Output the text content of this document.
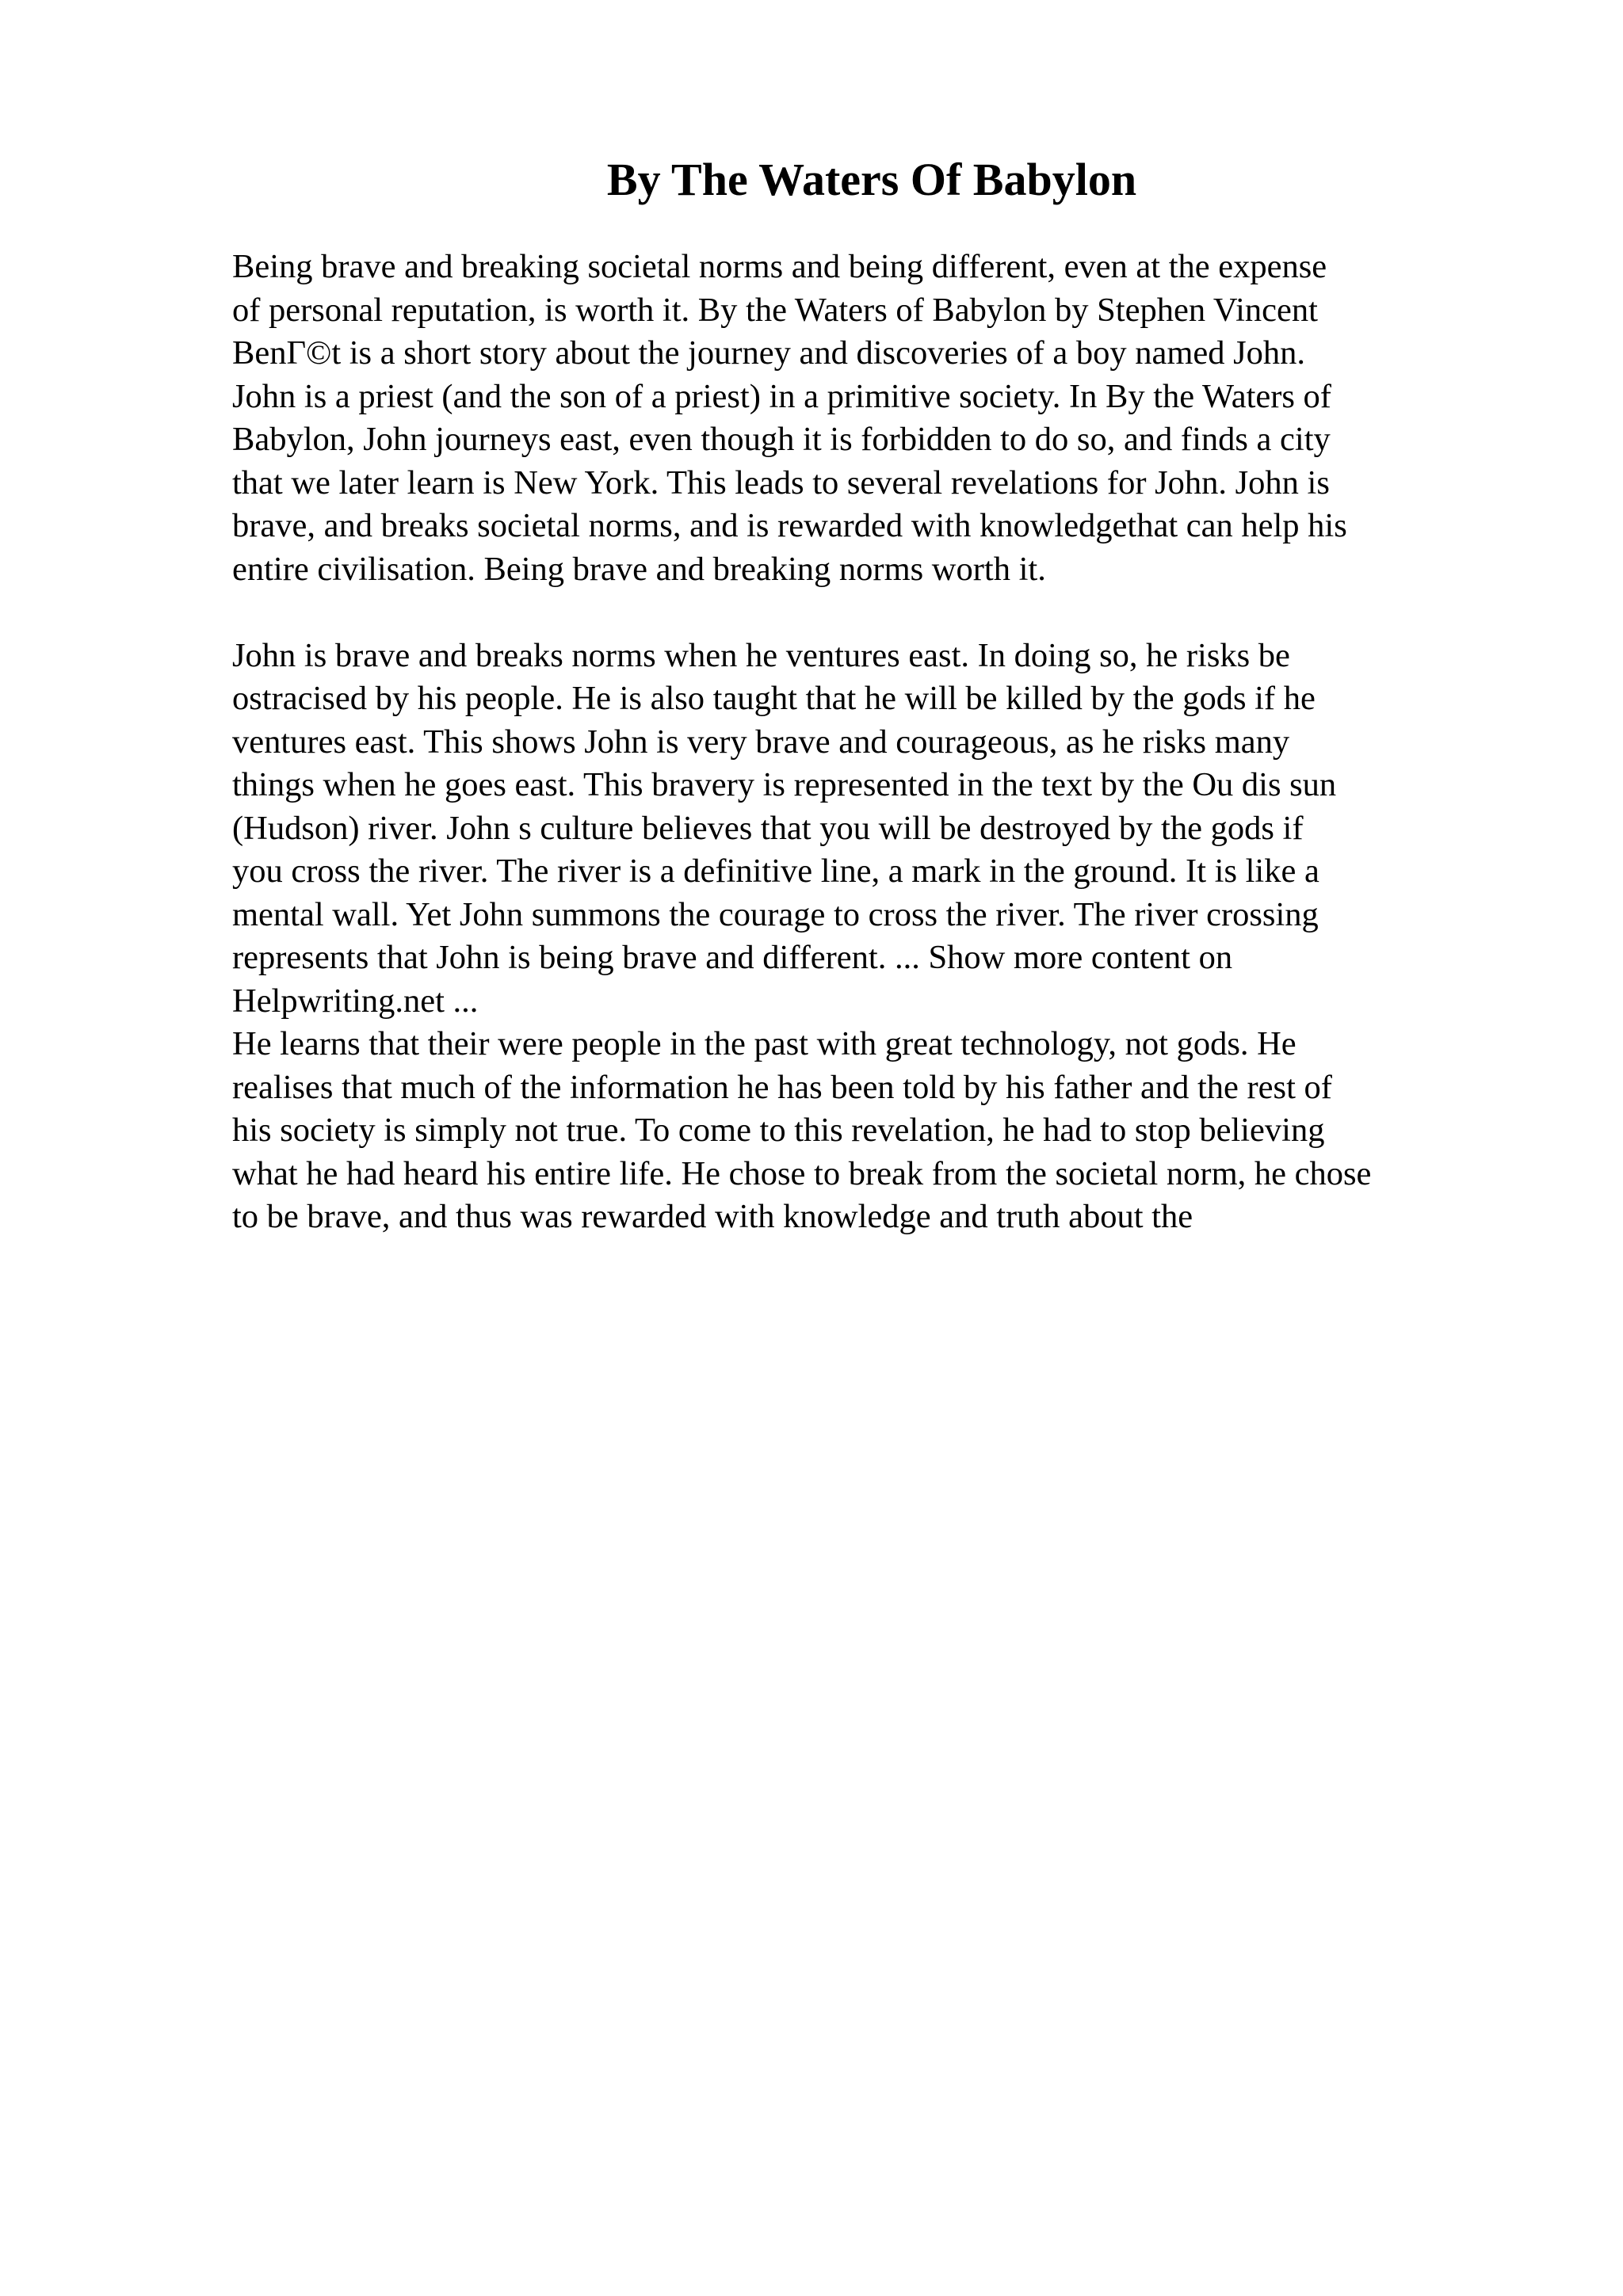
By The Waters Of Babylon
Being brave and breaking societal norms and being different, even at the expense
of personal reputation, is worth it. By the Waters of Babylon by Stephen Vincent
BenΓ©t is a short story about the journey and discoveries of a boy named John.
John is a priest (and the son of a priest) in a primitive society. In By the Waters of
Babylon, John journeys east, even though it is forbidden to do so, and finds a city
that we later learn is New York. This leads to several revelations for John. John is
brave, and breaks societal norms, and is rewarded with knowledgethat can help his
entire civilisation. Being brave and breaking norms worth it.
John is brave and breaks norms when he ventures east. In doing so, he risks be
ostracised by his people. He is also taught that he will be killed by the gods if he
ventures east. This shows John is very brave and courageous, as he risks many
things when he goes east. This bravery is represented in the text by the Ou dis sun
(Hudson) river. John s culture believes that you will be destroyed by the gods if
you cross the river. The river is a definitive line, a mark in the ground. It is like a
mental wall. Yet John summons the courage to cross the river. The river crossing
represents that John is being brave and different. ... Show more content on
Helpwriting.net ...
He learns that their were people in the past with great technology, not gods. He
realises that much of the information he has been told by his father and the rest of
his society is simply not true. To come to this revelation, he had to stop believing
what he had heard his entire life. He chose to break from the societal norm, he chose
to be brave, and thus was rewarded with knowledge and truth about the
